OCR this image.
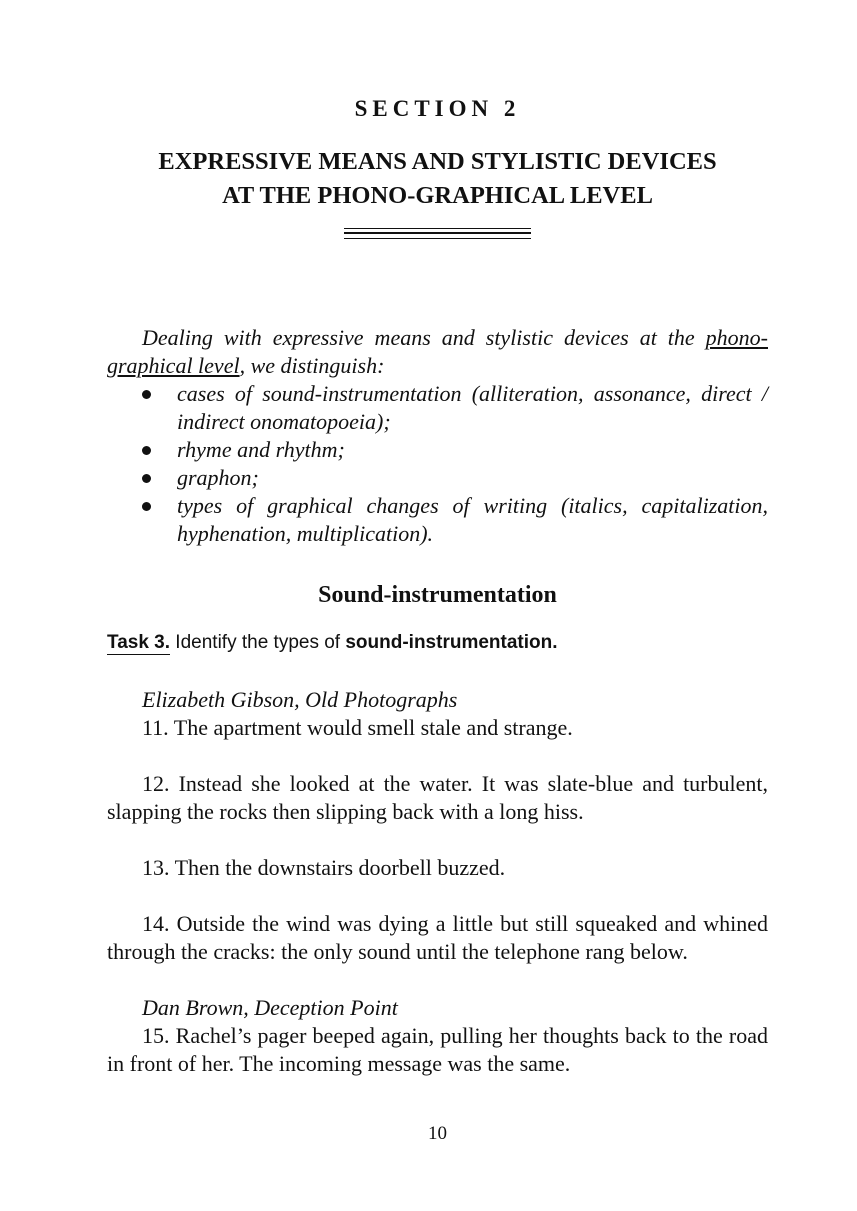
SECTION 2
EXPRESSIVE MEANS AND STYLISTIC DEVICES
AT THE PHONO-GRAPHICAL LEVEL
Dealing with expressive means and stylistic devices at the phono-graphical level, we distinguish:
cases of sound-instrumentation (alliteration, assonance, direct / indirect onomatopoeia);
rhyme and rhythm;
graphon;
types of graphical changes of writing (italics, capitalization, hyphenation, multiplication).
Sound-instrumentation
Task 3. Identify the types of sound-instrumentation.

Elizabeth Gibson, Old Photographs

11. The apartment would smell stale and strange.

12. Instead she looked at the water. It was slate-blue and turbulent, slapping the rocks then slipping back with a long hiss.

13. Then the downstairs doorbell buzzed.

14. Outside the wind was dying a little but still squeaked and whined through the cracks: the only sound until the telephone rang below.

Dan Brown, Deception Point

15. Rachel’s pager beeped again, pulling her thoughts back to the road in front of her. The incoming message was the same.

10
